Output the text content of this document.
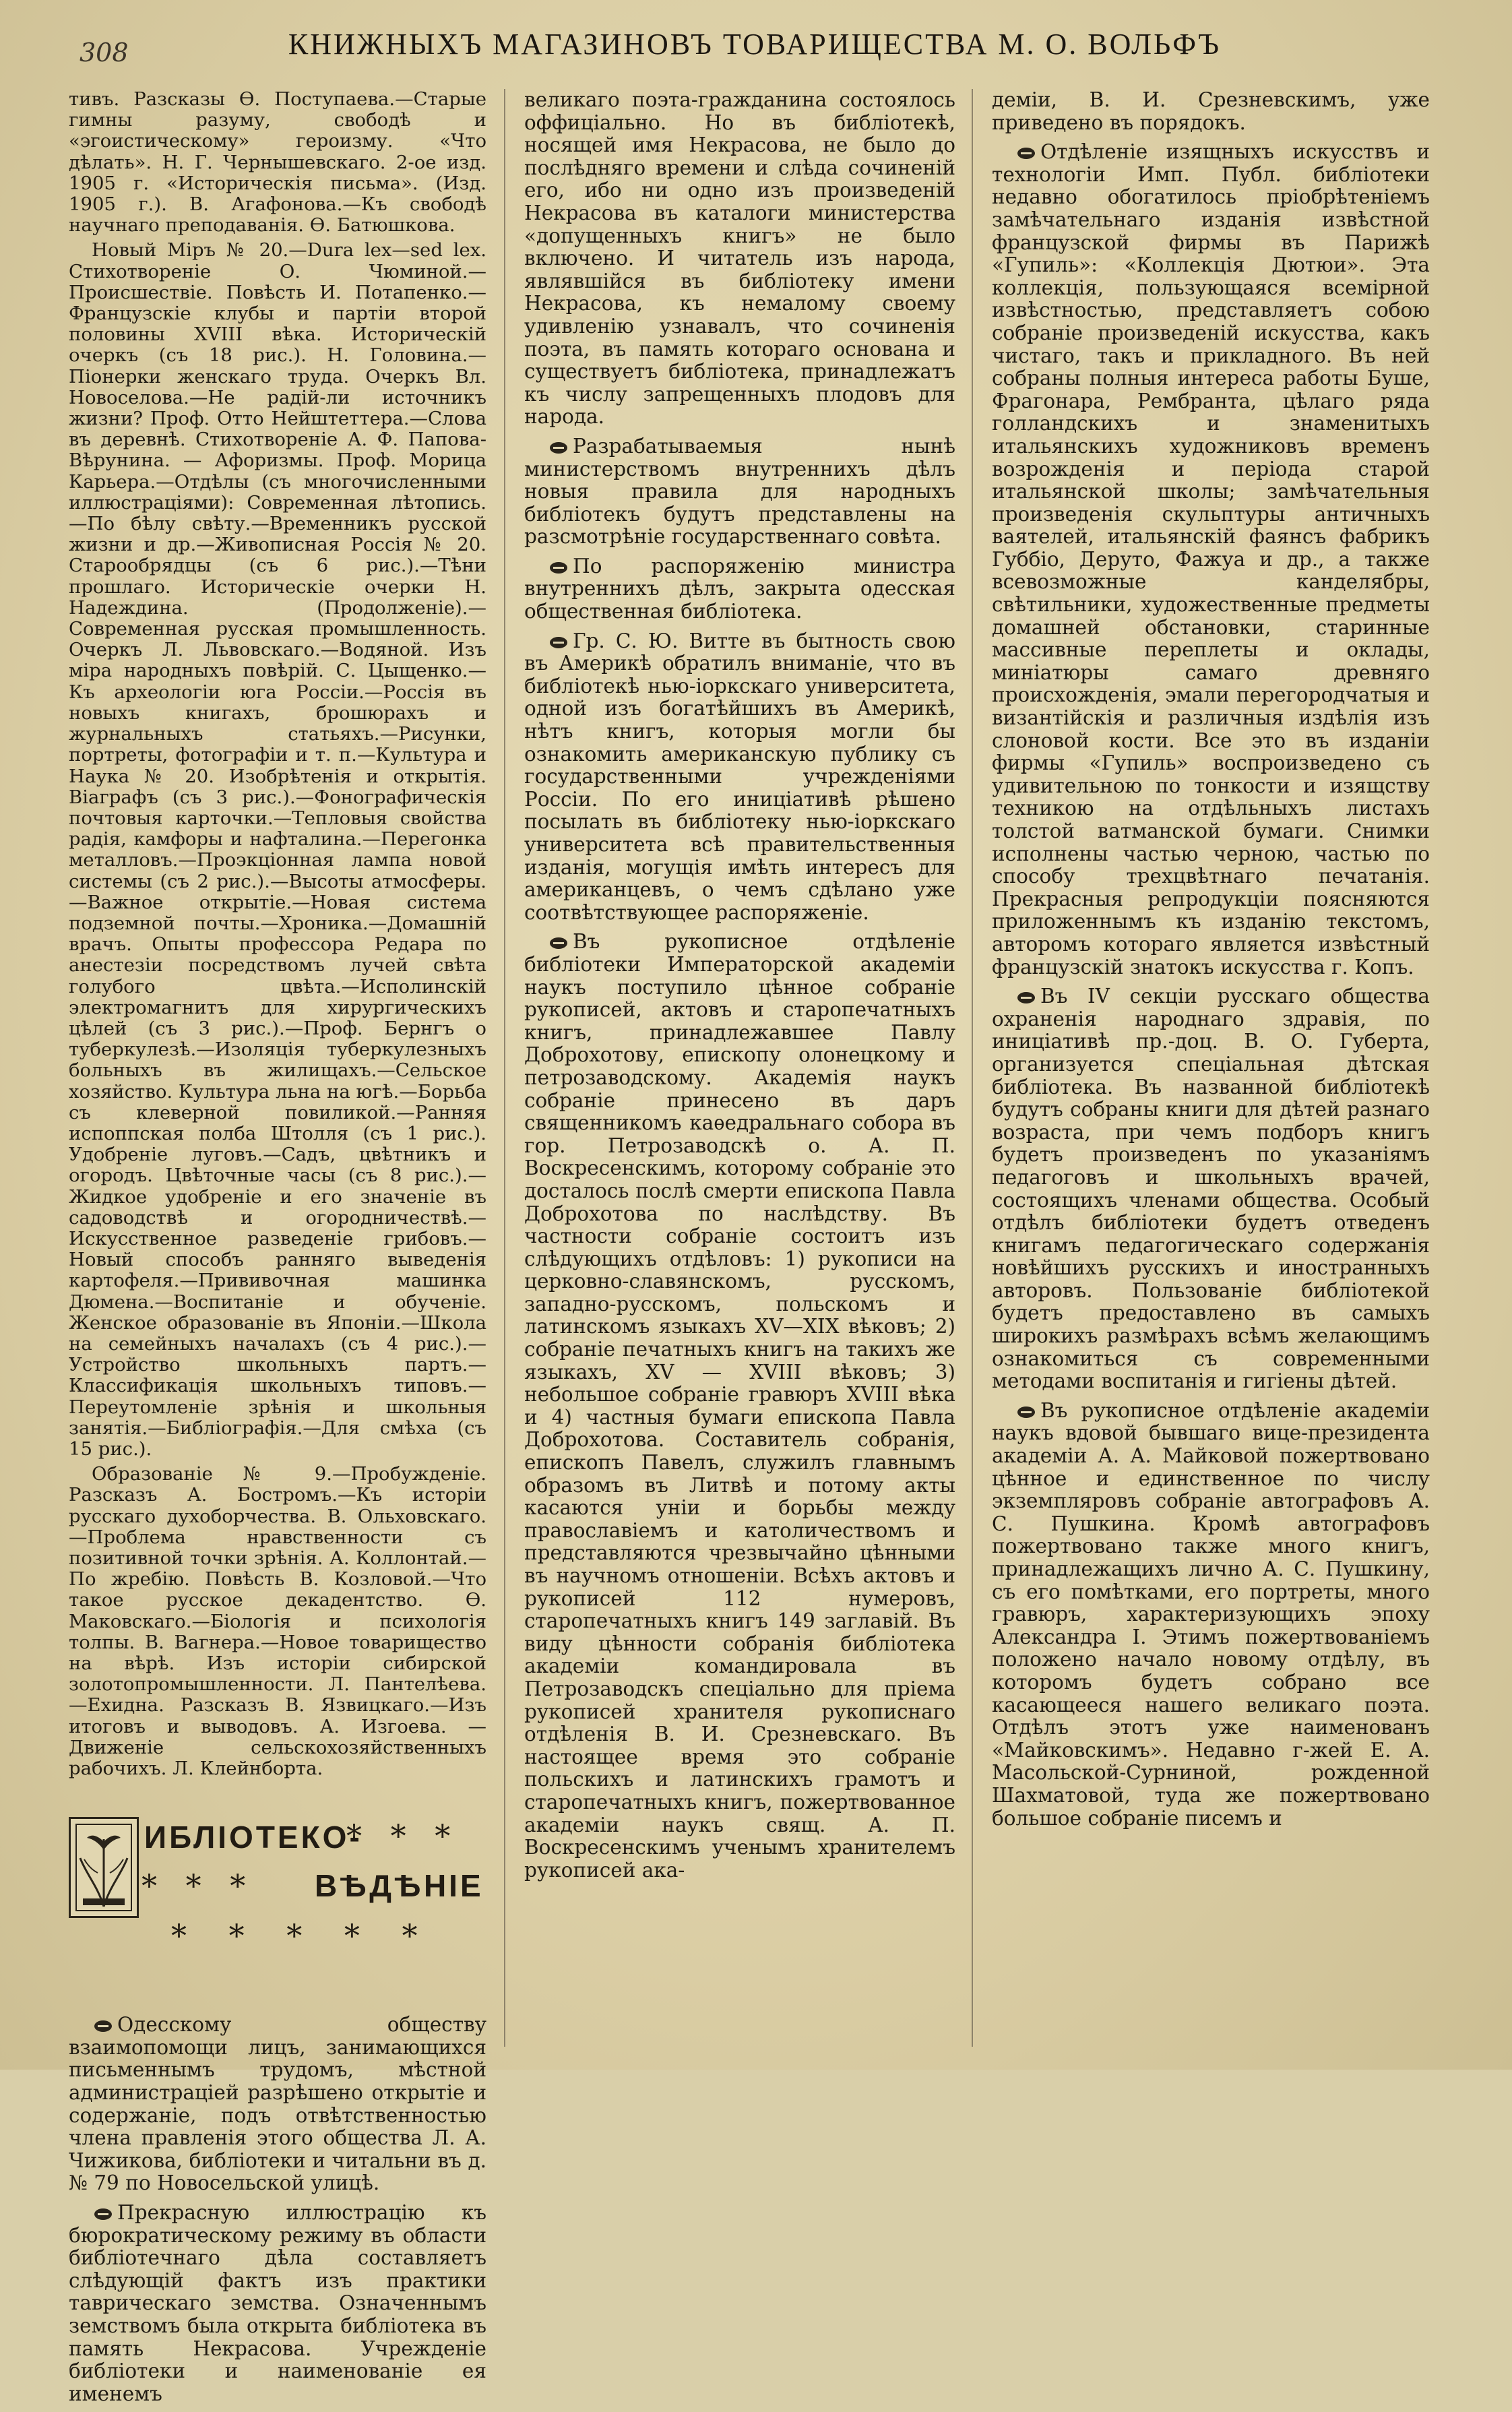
308	КНИЖНЫХЪ МАГАЗИНОВЪ ТОВАРИЩЕСТВА М. О. ВОЛЬФЪ

тивъ. Разсказы Ѳ. Поступаева.—Старые гимны разуму, свободѣ и «эгоистическому» героизму. «Что дѣлать». Н. Г. Чернышевскаго. 2-ое изд. 1905 г. «Историческія письма». (Изд. 1905 г.). В. Агафонова.—Къ свободѣ научнаго преподаванія. Ѳ. Батюшкова.

Новый Міръ № 20.—Dura lex—sed lex. Стихотвореніе О. Чюминой.—Происшествіе. Повѣсть И. Потапенко.—Французскіе клубы и партіи второй половины XVIII вѣка. Историческій очеркъ (съ 18 рис.). Н. Головина.—Піонерки женскаго труда. Очеркъ Вл. Новоселова.—Не радій-ли источникъ жизни? Проф. Отто Нейштеттера.—Слова въ деревнѣ. Стихотвореніе А. Ф. Папова-Вѣрунина. — Афоризмы. Проф. Морица Карьера.—Отдѣлы (съ многочисленными иллюстраціями): Современная лѣтопись.—По бѣлу свѣту.—Временникъ русской жизни и др.—Живописная Россія № 20. Старообрядцы (съ 6 рис.).—Тѣни прошлаго. Историческіе очерки Н. Надеждина. (Продолженіе).—Современная русская промышленность. Очеркъ Л. Львовскаго.—Водяной. Изъ міра народныхъ повѣрій. С. Цыщенко.—Къ археологіи юга Россіи.—Россія въ новыхъ книгахъ, брошюрахъ и журнальныхъ статьяхъ.—Рисунки, портреты, фотографіи и т. п.—Культура и Наука № 20. Изобрѣтенія и открытія. Віаграфъ (съ 3 рис.).—Фонографическія почтовыя карточки.—Тепловыя свойства радія, камфоры и нафталина.—Перегонка металловъ.—Проэкціонная лампа новой системы (съ 2 рис.).—Высоты атмосферы.—Важное открытіе.—Новая система подземной почты.—Хроника.—Домашній врачъ. Опыты профессора Редара по анестезіи посредствомъ лучей свѣта голубого цвѣта.—Исполинскій электромагнитъ для хирургическихъ цѣлей (съ 3 рис.).—Проф. Бернгъ о туберкулезѣ.—Изоляція туберкулезныхъ больныхъ въ жилищахъ.—Сельское хозяйство. Культура льна на югѣ.—Борьба съ клеверной повиликой.—Ранняя испоппская полба Штолля (съ 1 рис.). Удобреніе луговъ.—Садъ, цвѣтникъ и огородъ. Цвѣточные часы (съ 8 рис.).—Жидкое удобреніе и его значеніе въ садоводствѣ и огородничествѣ.—Искусственное разведеніе грибовъ.—Новый способъ ранняго выведенія картофеля.—Прививочная машинка Дюмена.—Воспитаніе и обученіе. Женское образованіе въ Японіи.—Школа на семейныхъ началахъ (съ 4 рис.).—Устройство школьныхъ партъ.—Классификація школьныхъ типовъ.—Переутомленіе зрѣнія и школьныя занятія.—Библіографія.—Для смѣха (съ 15 рис.).

Образованіе № 9.—Пробужденіе. Разсказъ А. Бостромъ.—Къ исторіи русскаго духоборчества. В. Ольховскаго.—Проблема нравственности съ позитивной точки зрѣнія. А. Коллонтай.—По жребію. Повѣсть В. Козловой.—Что такое русское декадентство. Ѳ. Маковскаго.—Біологія и психологія толпы. В. Вагнера.—Новое товарищество на вѣрѣ. Изъ исторіи сибирской золотопромышленности. Л. Пантелѣева.—Ехидна. Разсказъ В. Язвицкаго.—Изъ итоговъ и выводовъ. А. Изгоева. — Движеніе сельскохозяйственныхъ рабочихъ. Л. Клейнборта.

ИБЛІОТЕКО-
* * *
* * * ВѢДѢНІЕ
* * * * *

Одесскому обществу взаимопомощи лицъ, занимающихся письменнымъ трудомъ, мѣстной администраціей разрѣшено открытіе и содержаніе, подъ отвѣтственностью члена правленія этого общества Л. А. Чижикова, библіотеки и читальни въ д. № 79 по Новосельской улицѣ.

Прекрасную иллюстрацію къ бюрократическому режиму въ области библіотечнаго дѣла составляетъ слѣдующій фактъ изъ практики таврическаго земства. Означеннымъ земствомъ была открыта библіотека въ память Некрасова. Учрежденіе библіотеки и наименованіе ея именемъ

великаго поэта-гражданина состоялось оффиціально. Но въ библіотекѣ, носящей имя Некрасова, не было до послѣдняго времени и слѣда сочиненій его, ибо ни одно изъ произведеній Некрасова въ каталоги министерства «допущенныхъ книгъ» не было включено. И читатель изъ народа, являвшійся въ библіотеку имени Некрасова, къ немалому своему удивленію узнавалъ, что сочиненія поэта, въ память котораго основана и существуетъ библіотека, принадлежатъ къ числу запрещенныхъ плодовъ для народа.

Разрабатываемыя нынѣ министерствомъ внутреннихъ дѣлъ новыя правила для народныхъ библіотекъ будутъ представлены на разсмотрѣніе государственнаго совѣта.

По распоряженію министра внутреннихъ дѣлъ, закрыта одесская общественная библіотека.

Гр. С. Ю. Витте въ бытность свою въ Америкѣ обратилъ вниманіе, что въ библіотекѣ нью-іоркскаго университета, одной изъ богатѣйшихъ въ Америкѣ, нѣтъ книгъ, которыя могли бы ознакомить американскую публику съ государственными учрежденіями Россіи. По его иниціативѣ рѣшено посылать въ библіотеку нью-іоркскаго университета всѣ правительственныя изданія, могущія имѣть интересъ для американцевъ, о чемъ сдѣлано уже соотвѣтствующее распоряженіе.

Въ рукописное отдѣленіе библіотеки Императорской академіи наукъ поступило цѣнное собраніе рукописей, актовъ и старопечатныхъ книгъ, принадлежавшее Павлу Доброхотову, епископу олонецкому и петрозаводскому. Академія наукъ собраніе принесено въ даръ священникомъ каѳедральнаго собора въ гор. Петрозаводскѣ о. А. П. Воскресенскимъ, которому собраніе это досталось послѣ смерти епископа Павла Доброхотова по наслѣдству. Въ частности собраніе состоитъ изъ слѣдующихъ отдѣловъ: 1) рукописи на церковно-славянскомъ, русскомъ, западно-русскомъ, польскомъ и латинскомъ языкахъ XV—XIX вѣковъ; 2) собраніе печатныхъ книгъ на такихъ же языкахъ, XV — XVIII вѣковъ; 3) небольшое собраніе гравюръ XVIII вѣка и 4) частныя бумаги епископа Павла Доброхотова. Составитель собранія, епископъ Павелъ, служилъ главнымъ образомъ въ Литвѣ и потому акты касаются уніи и борьбы между православіемъ и католичествомъ и представляются чрезвычайно цѣнными въ научномъ отношеніи. Всѣхъ актовъ и рукописей 112 нумеровъ, старопечатныхъ книгъ 149 заглавій. Въ виду цѣнности собранія библіотека академіи командировала въ Петрозаводскъ спеціально для пріема рукописей хранителя рукописнаго отдѣленія В. И. Срезневскаго. Въ настоящее время это собраніе польскихъ и латинскихъ грамотъ и старопечатныхъ книгъ, пожертвованное академіи наукъ свящ. А. П. Воскресенскимъ ученымъ хранителемъ рукописей ака-

деміи, В. И. Срезневскимъ, уже приведено въ порядокъ.

Отдѣленіе изящныхъ искусствъ и технологіи Имп. Публ. библіотеки недавно обогатилось пріобрѣтеніемъ замѣчательнаго изданія извѣстной французской фирмы въ Парижѣ «Гупиль»: «Коллекція Дютюи». Эта коллекція, пользующаяся всемірной извѣстностью, представляетъ собою собраніе произведеній искусства, какъ чистаго, такъ и прикладного. Въ ней собраны полныя интереса работы Буше, Фрагонара, Рембранта, цѣлаго ряда голландскихъ и знаменитыхъ итальянскихъ художниковъ временъ возрожденія и періода старой итальянской школы; замѣчательныя произведенія скульптуры античныхъ ваятелей, итальянскій фаянсъ фабрикъ Губбіо, Деруто, Фажуа и др., а также всевозможные канделябры, свѣтильники, художественные предметы домашней обстановки, старинные массивные переплеты и оклады, миніатюры самаго древняго происхожденія, эмали перегородчатыя и византійскія и различныя издѣлія изъ слоновой кости. Все это въ изданіи фирмы «Гупиль» воспроизведено съ удивительною по тонкости и изящству техникою на отдѣльныхъ листахъ толстой ватманской бумаги. Снимки исполнены частью черною, частью по способу трехцвѣтнаго печатанія. Прекрасныя репродукціи поясняются приложеннымъ къ изданію текстомъ, авторомъ котораго является извѣстный французскій знатокъ искусства г. Копъ.

Въ IV секціи русскаго общества охраненія народнаго здравія, по иниціативѣ пр.-доц. В. О. Губерта, организуется спеціальная дѣтская библіотека. Въ названной библіотекѣ будутъ собраны книги для дѣтей разнаго возраста, при чемъ подборъ книгъ будетъ произведенъ по указаніямъ педагоговъ и школьныхъ врачей, состоящихъ членами общества. Особый отдѣлъ библіотеки будетъ отведенъ книгамъ педагогическаго содержанія новѣйшихъ русскихъ и иностранныхъ авторовъ. Пользованіе библіотекой будетъ предоставлено въ самыхъ широкихъ размѣрахъ всѣмъ желающимъ ознакомиться съ современными методами воспитанія и гигіены дѣтей.

Въ рукописное отдѣленіе академіи наукъ вдовой бывшаго вице-президента академіи А. А. Майковой пожертвовано цѣнное и единственное по числу экземпляровъ собраніе автографовъ А. С. Пушкина. Кромѣ автографовъ пожертвовано также много книгъ, принадлежащихъ лично А. С. Пушкину, съ его помѣтками, его портреты, много гравюръ, характеризующихъ эпоху Александра I. Этимъ пожертвованіемъ положено начало новому отдѣлу, въ которомъ будетъ собрано все касающееся нашего великаго поэта. Отдѣлъ этотъ уже наименованъ «Майковскимъ». Недавно г-жей Е. А. Масольской-Сурниной, рожденной Шахматовой, туда же пожертвовано большое собраніе писемъ и
